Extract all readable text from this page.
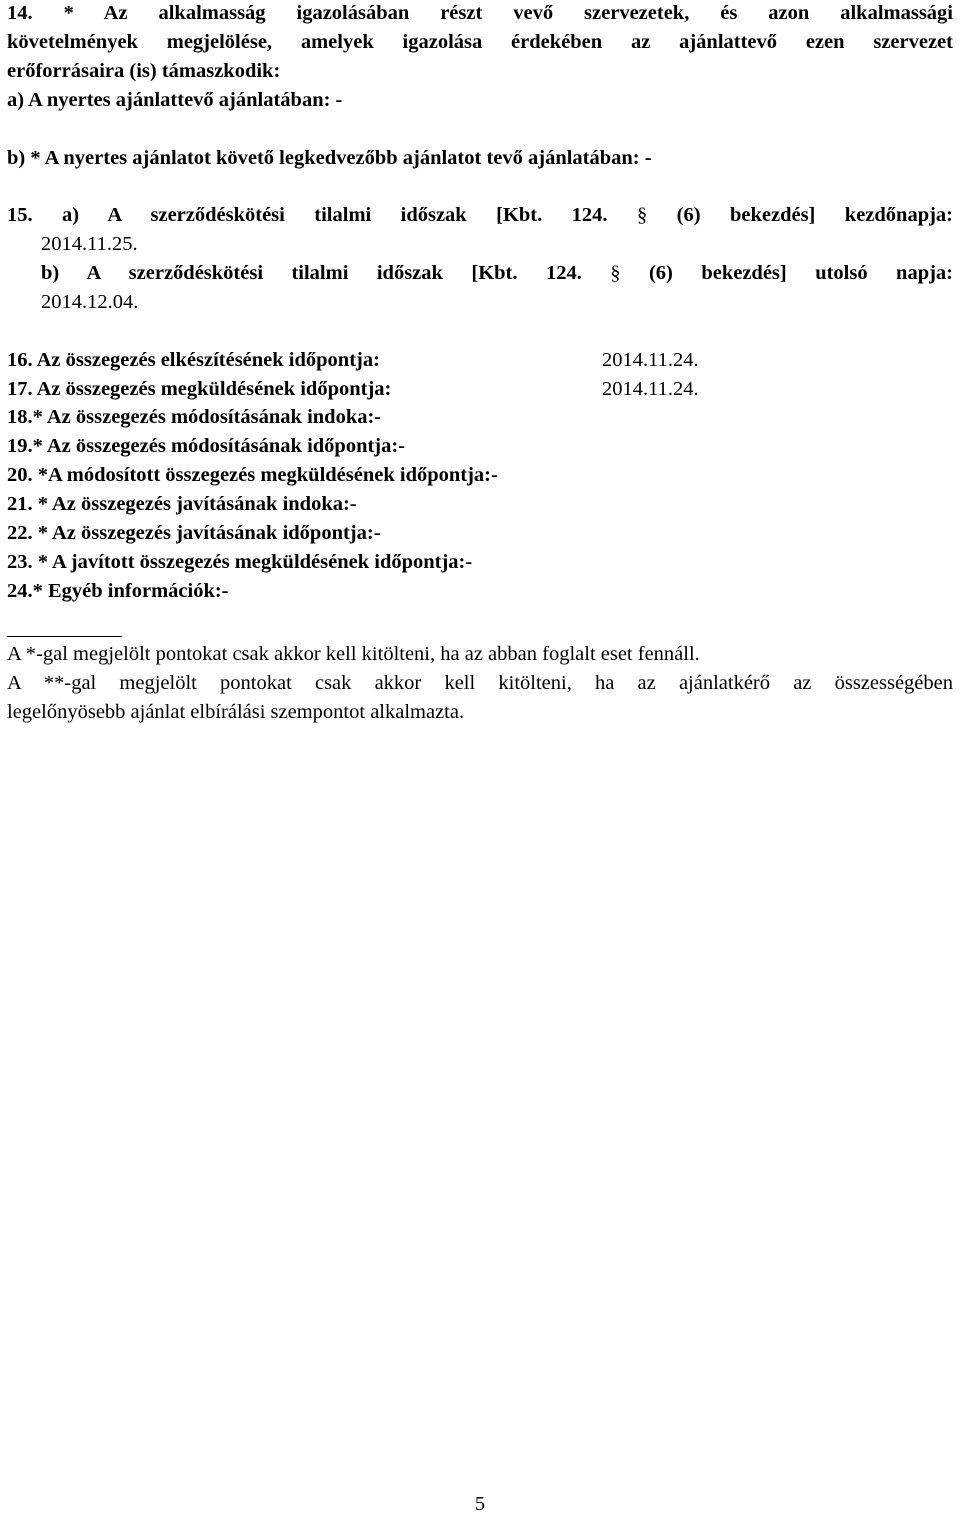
14. * Az alkalmasság igazolásában részt vevő szervezetek, és azon alkalmassági
követelmények megjelölése, amelyek igazolása érdekében az ajánlattevő ezen szervezet
erőforrásaira (is) támaszkodik:
a) A nyertes ajánlattevő ajánlatában: -
b) * A nyertes ajánlatot követő legkedvezőbb ajánlatot tevő ajánlatában: -
15. a) A szerződéskötési tilalmi időszak [Kbt. 124. § (6) bekezdés] kezdőnapja:
2014.11.25.
b) A szerződéskötési tilalmi időszak [Kbt. 124. § (6) bekezdés] utolsó napja:
2014.12.04.
16. Az összegezés elkészítésének időpontja:	2014.11.24.
17. Az összegezés megküldésének időpontja:	2014.11.24.
18.* Az összegezés módosításának indoka:-
19.* Az összegezés módosításának időpontja:-
20. *A módosított összegezés megküldésének időpontja:-
21. * Az összegezés javításának indoka:-
22. * Az összegezés javításának időpontja:-
23. * A javított összegezés megküldésének időpontja:-
24.* Egyéb információk:-
A *-gal megjelölt pontokat csak akkor kell kitölteni, ha az abban foglalt eset fennáll.
A **-gal megjelölt pontokat csak akkor kell kitölteni, ha az ajánlatkérő az összességében
legelőnyösebb ajánlat elbírálási szempontot alkalmazta.
5
